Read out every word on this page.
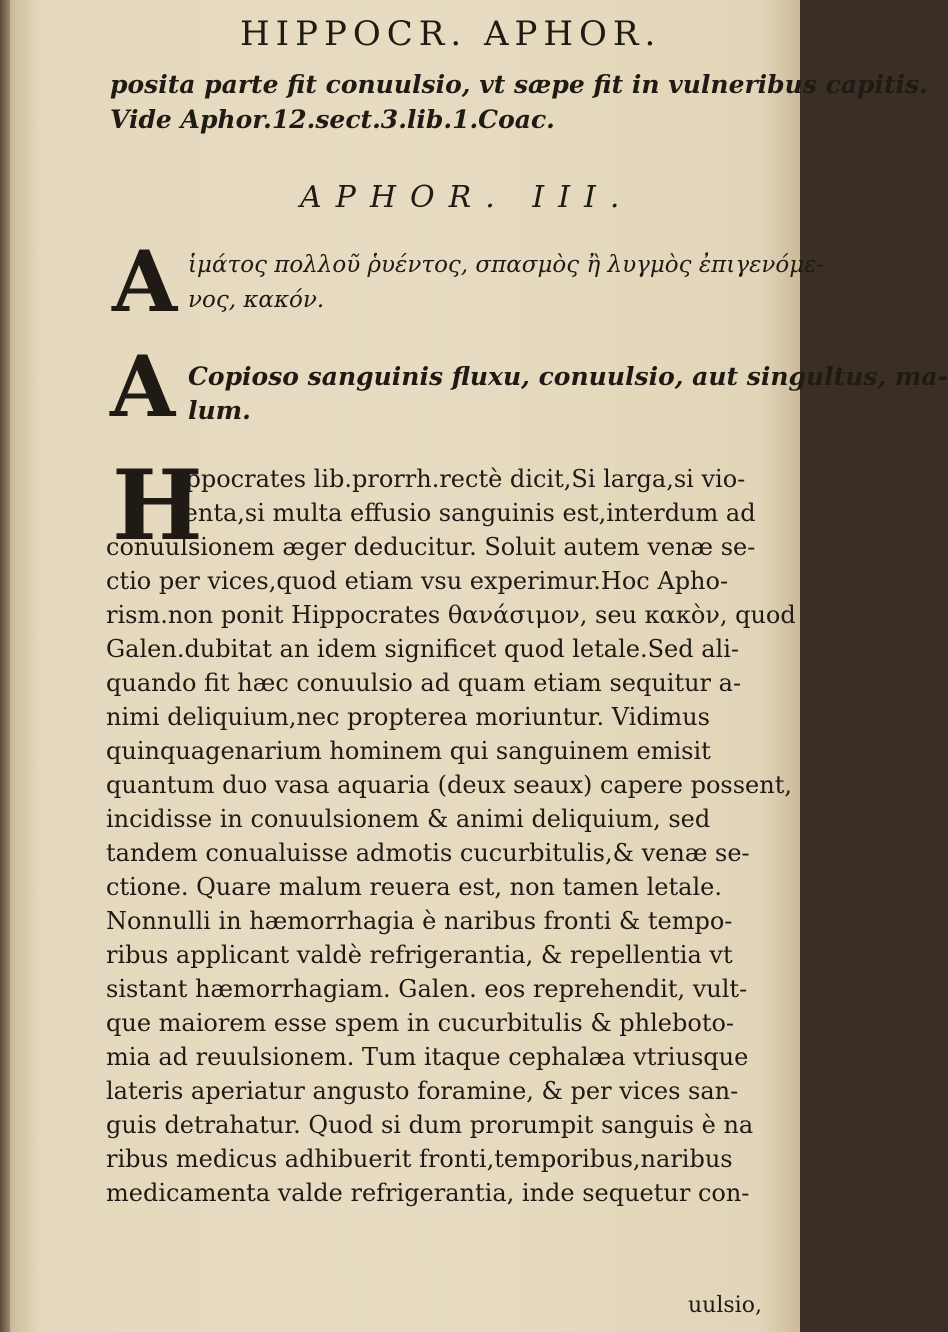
HIPPOCR. APHOR.
posita parte fit conuulsio, vt sæpe fit in vulneribus capitis.
Vide Aphor.12.sect.3.lib.1.Coac.
APHOR. III.
A ἱμάτος πολλοῦ ῥυέντος, σπασμὸς ἢ λυγμὸς ἐπιγενόμε-
νος, κακόν.
A Copioso sanguinis fluxu, conuulsio, aut singultus, ma-
lum.
H
Ippocrates lib.prorrh.rectè dicit,Si larga,si vio-
lenta,si multa effusio sanguinis est,interdum ad
conuulsionem æger deducitur. Soluit autem venæ se-
ctio per vices,quod etiam vsu experimur.Hoc Apho-
rism.non ponit Hippocrates θανάσιμον, seu κακὸν, quod
Galen.dubitat an idem significet quod letale.Sed ali-
quando fit hæc conuulsio ad quam etiam sequitur a-
nimi deliquium,nec propterea moriuntur. Vidimus
quinquagenarium hominem qui sanguinem emisit
quantum duo vasa aquaria (deux seaux) capere possent,
incidisse in conuulsionem & animi deliquium, sed
tandem conualuisse admotis cucurbitulis,& venæ se-
ctione. Quare malum reuera est, non tamen letale.
Nonnulli in hæmorrhagia è naribus fronti & tempo-
ribus applicant valdè refrigerantia, & repellentia vt
sistant hæmorrhagiam. Galen. eos reprehendit, vult-
que maiorem esse spem in cucurbitulis & phleboto-
mia ad reuulsionem. Tum itaque cephalæa vtriusque
lateris aperiatur angusto foramine, & per vices san-
guis detrahatur. Quod si dum prorumpit sanguis è na
ribus medicus adhibuerit fronti,temporibus,naribus
medicamenta valde refrigerantia, inde sequetur con-
uulsio,
